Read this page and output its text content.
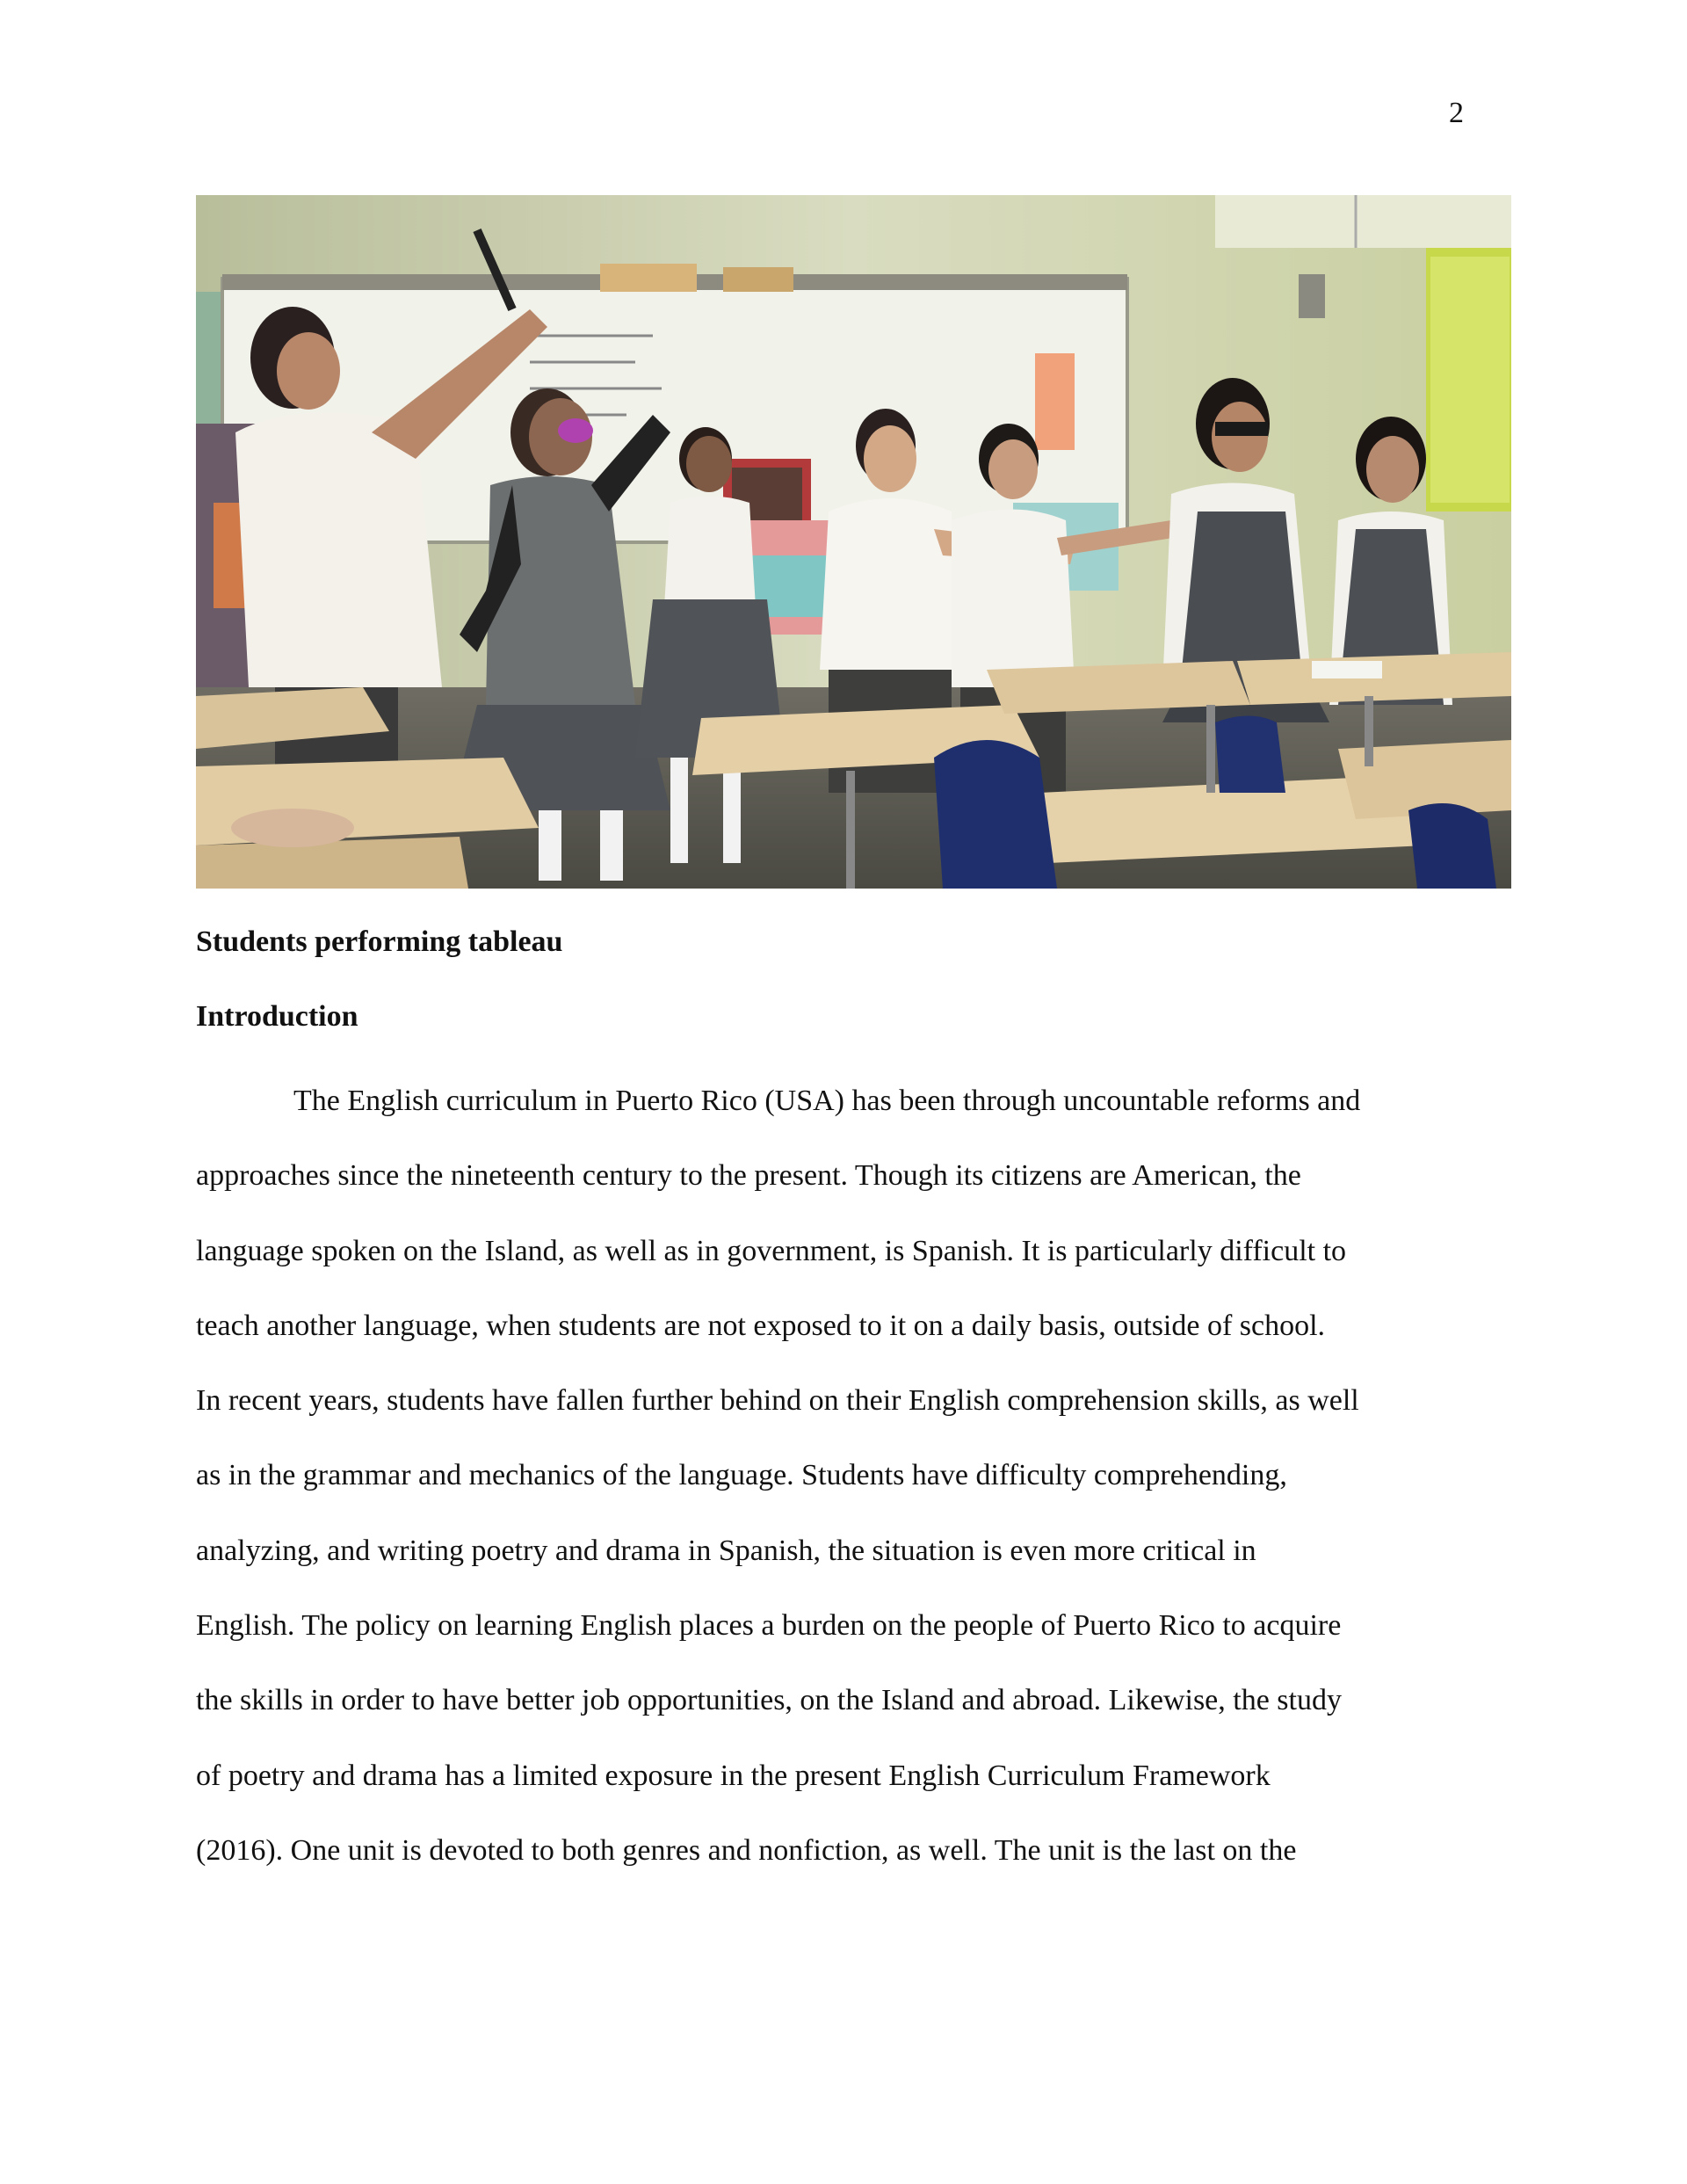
2
Students performing tableau
Introduction
The English curriculum in Puerto Rico (USA) has been through uncountable reforms and
approaches since the nineteenth century to the present. Though its citizens are American, the
language spoken on the Island, as well as in government, is Spanish. It is particularly difficult to
teach another language, when students are not exposed to it on a daily basis, outside of school.
In recent years, students have fallen further behind on their English comprehension skills, as well
as in the grammar and mechanics of the language. Students have difficulty comprehending,
analyzing, and writing poetry and drama in Spanish, the situation is even more critical in
English. The policy on learning English places a burden on the people of Puerto Rico to acquire
the skills in order to have better job opportunities, on the Island and abroad. Likewise, the study
of poetry and drama has a limited exposure in the present English Curriculum Framework
(2016). One unit is devoted to both genres and nonfiction, as well. The unit is the last on the
